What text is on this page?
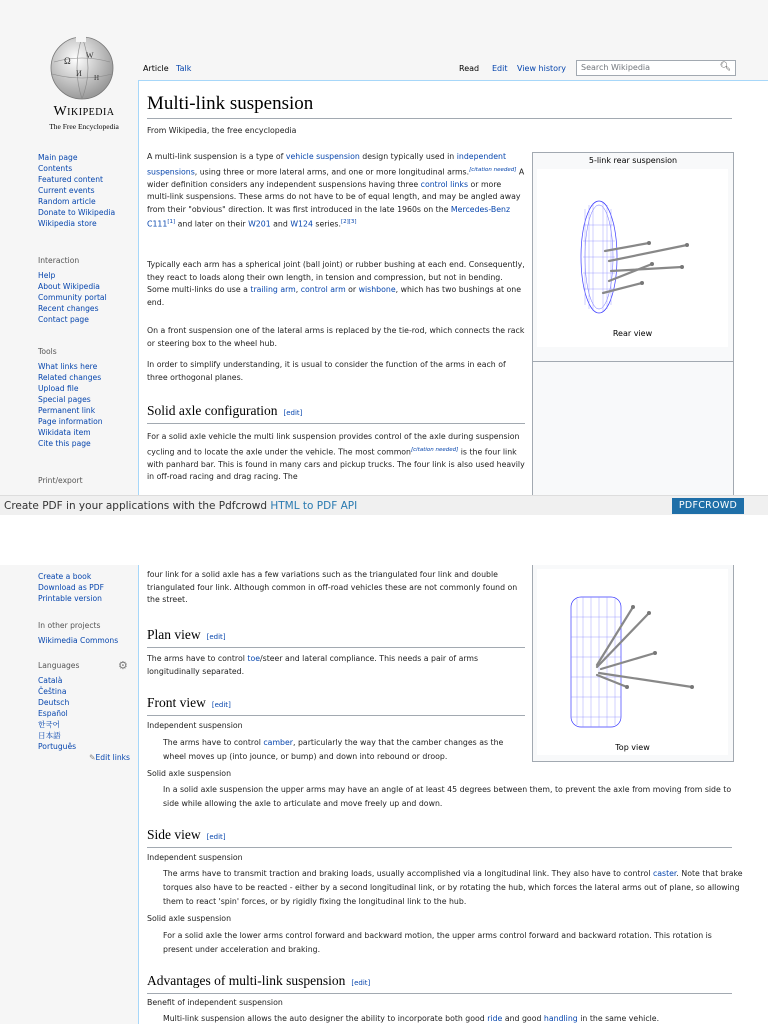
Ω
W
И H
Wikipedia
The Free Encyclopedia
Article Talk	Read Edit View history	Search Wikipedia	🔍︎
Main page
Contents
Featured content
Current events
Random article
Donate to Wikipedia
Wikipedia store
Interaction
Help
About Wikipedia
Community portal
Recent changes
Contact page
Tools
What links here
Related changes
Upload file
Special pages
Permanent link
Page information
Wikidata item
Cite this page
Print/export
Multi-link suspension
From Wikipedia, the free encyclopedia
A multi-link suspension is a type of vehicle suspension design typically used in independent suspensions, using three or more lateral arms, and one or more longitudinal arms.[citation needed] A wider definition considers any independent suspensions having three control links or more multi-link suspensions. These arms do not have to be of equal length, and may be angled away from their "obvious" direction. It was first introduced in the late 1960s on the Mercedes-Benz C111[1] and later on their W201 and W124 series.[2][3]
Typically each arm has a spherical joint (ball joint) or rubber bushing at each end. Consequently, they react to loads along their own length, in tension and compression, but not in bending. Some multi-links do use a trailing arm, control arm or wishbone, which has two bushings at one end.
On a front suspension one of the lateral arms is replaced by the tie-rod, which connects the rack or steering box to the wheel hub.
In order to simplify understanding, it is usual to consider the function of the arms in each of three orthogonal planes.
Solid axle configuration [edit]
For a solid axle vehicle the multi link suspension provides control of the axle during suspension cycling and to locate the axle under the vehicle. The most common[citation needed] is the four link with panhard bar. This is found in many cars and pickup trucks. The four link is also used heavily in off-road racing and drag racing. The
5-link rear suspension
Rear view
Create PDF in your applications with the Pdfcrowd HTML to PDF API	PDFCROWD
Create a book
Download as PDF
Printable version
In other projects
Wikimedia Commons
Languages	⚙
Català
Čeština
Deutsch
Español
한국어
日本語
Português
✎Edit links
four link for a solid axle has a few variations such as the triangulated four link and double triangulated four link. Although common in off-road vehicles these are not commonly found on the street.
Plan view [edit]
The arms have to control toe/steer and lateral compliance. This needs a pair of arms longitudinally separated.
Front view [edit]
Independent suspension
The arms have to control camber, particularly the way that the camber changes as the wheel moves up (into jounce, or bump) and down into rebound or droop.
Solid axle suspension
In a solid axle suspension the upper arms may have an angle of at least 45 degrees between them, to prevent the axle from moving from side to side while allowing the axle to articulate and move freely up and down.
Side view [edit]
Independent suspension
The arms have to transmit traction and braking loads, usually accomplished via a longitudinal link. They also have to control caster. Note that brake torques also have to be reacted - either by a second longitudinal link, or by rotating the hub, which forces the lateral arms out of plane, so allowing them to react 'spin' forces, or by rigidly fixing the longitudinal link to the hub.
Solid axle suspension
For a solid axle the lower arms control forward and backward motion, the upper arms control forward and backward rotation. This rotation is present under acceleration and braking.
Advantages of multi-link suspension [edit]
Benefit of independent suspension
Multi-link suspension allows the auto designer the ability to incorporate both good ride and good handling in the same vehicle.
Top view
